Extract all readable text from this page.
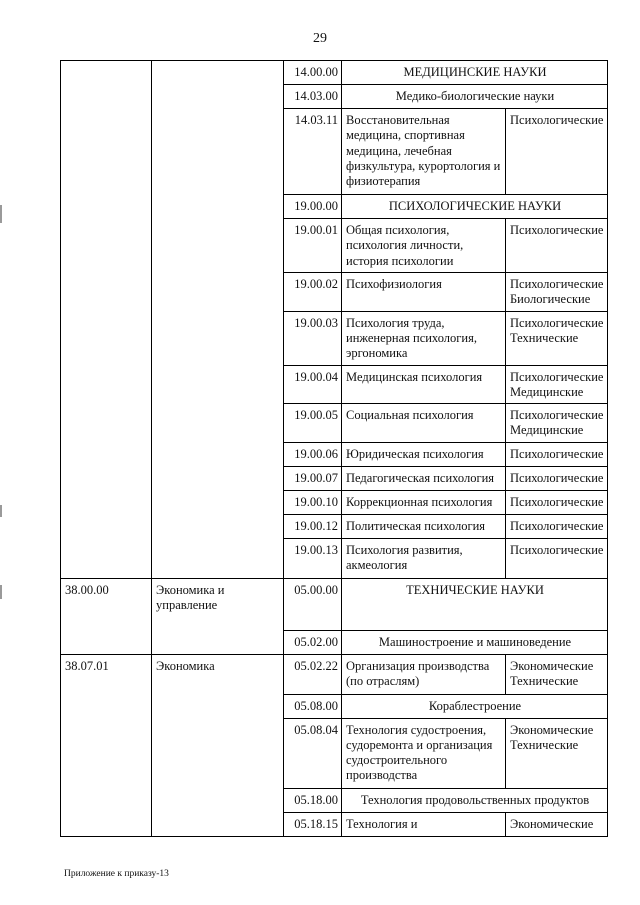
29
		14.00.00	МЕДИЦИНСКИЕ НАУКИ	
		14.03.00	Медико-биологические науки	
		14.03.11	Восстановительная медицина, спортивная медицина, лечебная физкультура, курортология и физиотерапия	Психологические
		19.00.00	ПСИХОЛОГИЧЕСКИЕ НАУКИ	
		19.00.01	Общая психология, психология личности, история психологии	Психологические
		19.00.02	Психофизиология	Психологические Биологические
		19.00.03	Психология труда, инженерная психология, эргономика	Психологические Технические
		19.00.04	Медицинская психология	Психологические Медицинские
		19.00.05	Социальная психология	Психологические Медицинские
		19.00.06	Юридическая психология	Психологические
		19.00.07	Педагогическая психология	Психологические
		19.00.10	Коррекционная психология	Психологические
		19.00.12	Политическая психология	Психологические
		19.00.13	Психология развития, акмеология	Психологические
38.00.00	Экономика и управление	05.00.00	ТЕХНИЧЕСКИЕ НАУКИ	
		05.02.00	Машиностроение и машиноведение	
38.07.01	Экономика	05.02.22	Организация производства (по отраслям)	Экономические Технические
		05.08.00	Кораблестроение	
		05.08.04	Технология судостроения, судоремонта и организация судостроительного производства	Экономические Технические
		05.18.00	Технология продовольственных продуктов	
		05.18.15	Технология и	Экономические
Приложение к приказу-13
